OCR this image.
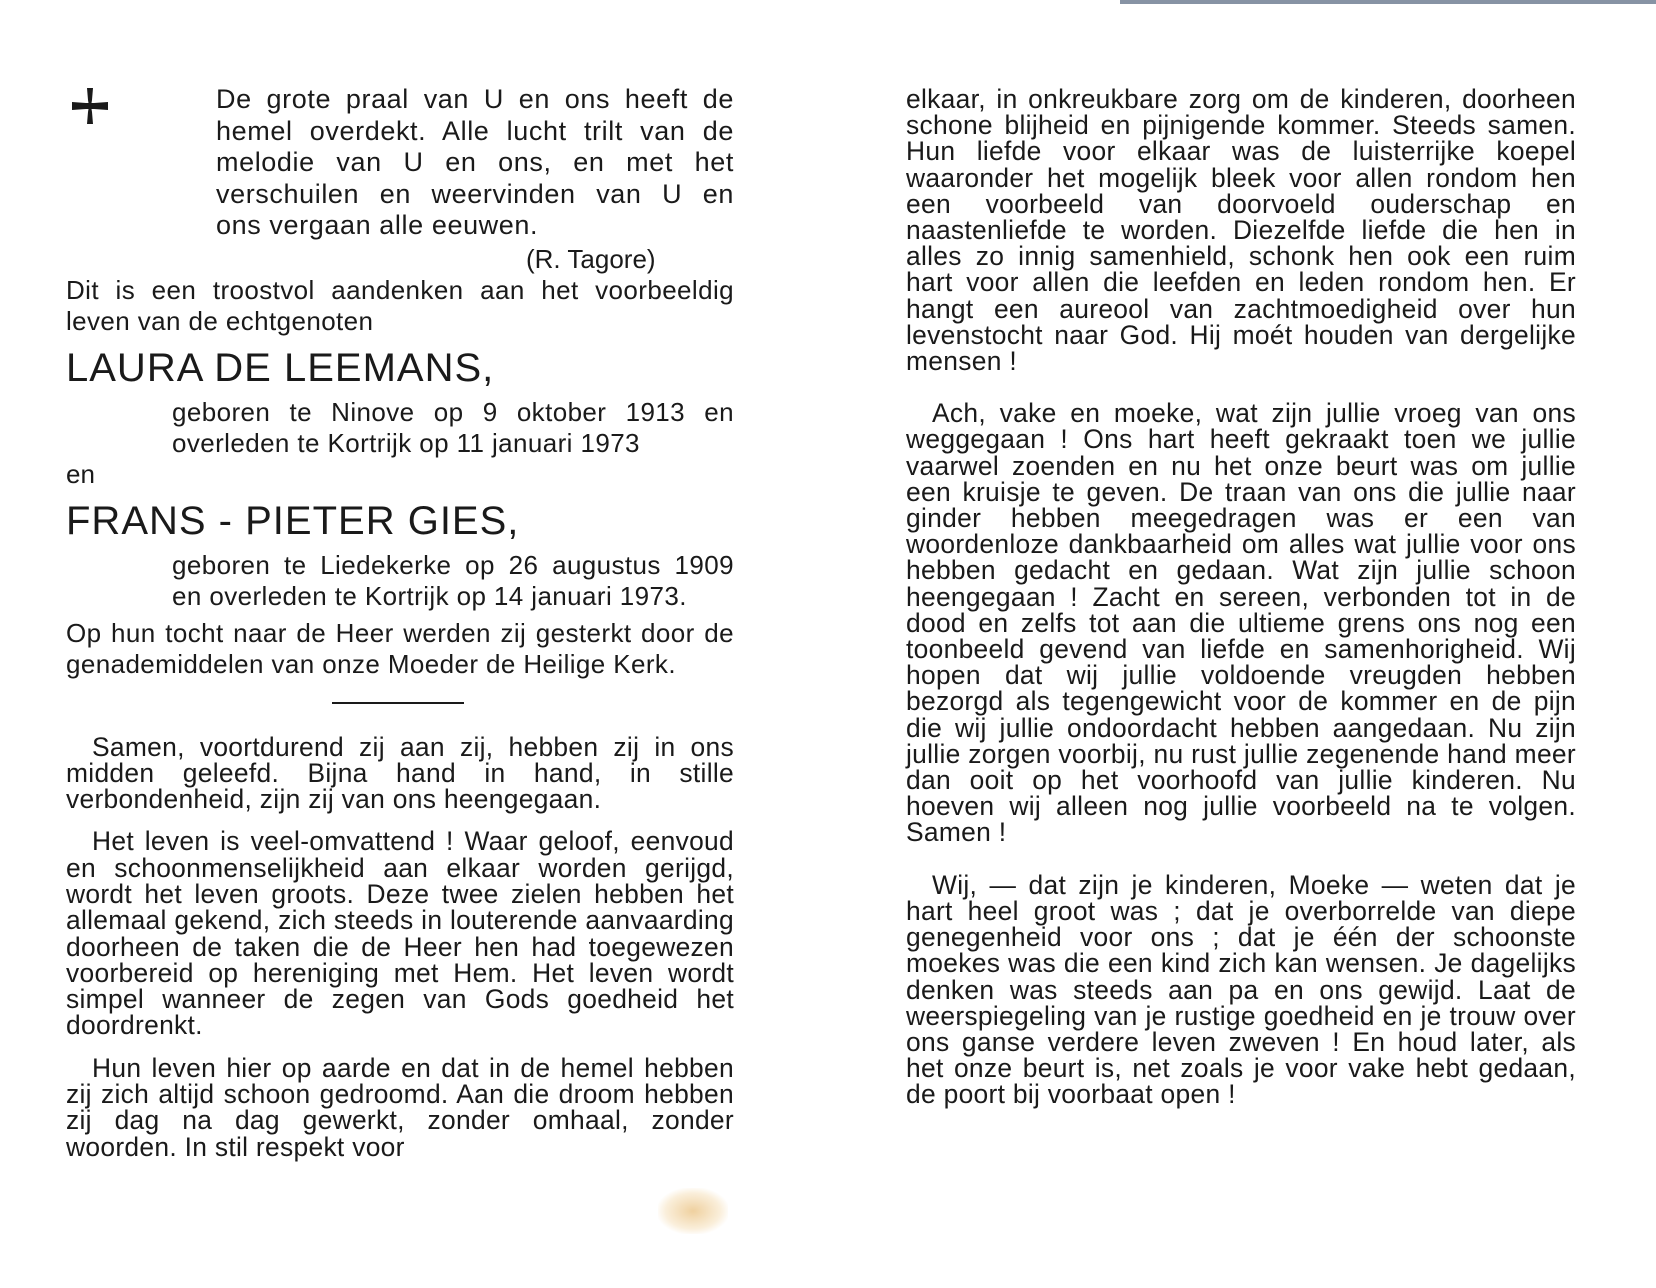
De grote praal van U en ons heeft de
hemel overdekt. Alle lucht trilt van de
melodie van U en ons, en met het
verschuilen en weervinden van U en
ons vergaan alle eeuwen.
(R. Tagore)
Dit is een troostvol aandenken aan het voorbeeldig leven van de echtgenoten
LAURA DE LEEMANS,
geboren te Ninove op 9 oktober 1913 en overleden te Kortrijk op 11 januari 1973
en
FRANS - PIETER GIES,
geboren te Liedekerke op 26 augustus 1909 en overleden te Kortrijk op 14 januari 1973.
Op hun tocht naar de Heer werden zij gesterkt door de genademiddelen van onze Moeder de Heilige Kerk.

Samen, voortdurend zij aan zij, hebben zij in ons midden geleefd. Bijna hand in hand, in stille verbondenheid, zijn zij van ons heengegaan.

Het leven is veel-omvattend ! Waar geloof, eenvoud en schoonmenselijkheid aan elkaar worden gerijgd, wordt het leven groots. Deze twee zielen hebben het allemaal gekend, zich steeds in louterende aanvaarding doorheen de taken die de Heer hen had toegewezen voorbereid op hereniging met Hem. Het leven wordt simpel wanneer de zegen van Gods goedheid het doordrenkt.

Hun leven hier op aarde en dat in de hemel hebben zij zich altijd schoon gedroomd. Aan die droom hebben zij dag na dag gewerkt, zonder omhaal, zonder woorden. In stil respekt voor

elkaar, in onkreukbare zorg om de kinderen, doorheen schone blijheid en pijnigende kommer. Steeds samen. Hun liefde voor elkaar was de luisterrijke koepel waaronder het mogelijk bleek voor allen rondom hen een voorbeeld van doorvoeld ouderschap en naastenliefde te worden. Diezelfde liefde die hen in alles zo innig samenhield, schonk hen ook een ruim hart voor allen die leefden en leden rondom hen. Er hangt een aureool van zachtmoedigheid over hun levenstocht naar God. Hij moét houden van dergelijke mensen !

Ach, vake en moeke, wat zijn jullie vroeg van ons weggegaan ! Ons hart heeft gekraakt toen we jullie vaarwel zoenden en nu het onze beurt was om jullie een kruisje te geven. De traan van ons die jullie naar ginder hebben meegedragen was er een van woordenloze dankbaarheid om alles wat jullie voor ons hebben gedacht en gedaan. Wat zijn jullie schoon heengegaan ! Zacht en sereen, verbonden tot in de dood en zelfs tot aan die ultieme grens ons nog een toonbeeld gevend van liefde en samenhorigheid. Wij hopen dat wij jullie voldoende vreugden hebben bezorgd als tegengewicht voor de kommer en de pijn die wij jullie ondoordacht hebben aangedaan. Nu zijn jullie zorgen voorbij, nu rust jullie zegenende hand meer dan ooit op het voorhoofd van jullie kinderen. Nu hoeven wij alleen nog jullie voorbeeld na te volgen. Samen !

Wij, — dat zijn je kinderen, Moeke — weten dat je hart heel groot was ; dat je overborrelde van diepe genegenheid voor ons ; dat je één der schoonste moekes was die een kind zich kan wensen. Je dagelijks denken was steeds aan pa en ons gewijd. Laat de weerspiegeling van je rustige goedheid en je trouw over ons ganse verdere leven zweven ! En houd later, als het onze beurt is, net zoals je voor vake hebt gedaan, de poort bij voorbaat open !
